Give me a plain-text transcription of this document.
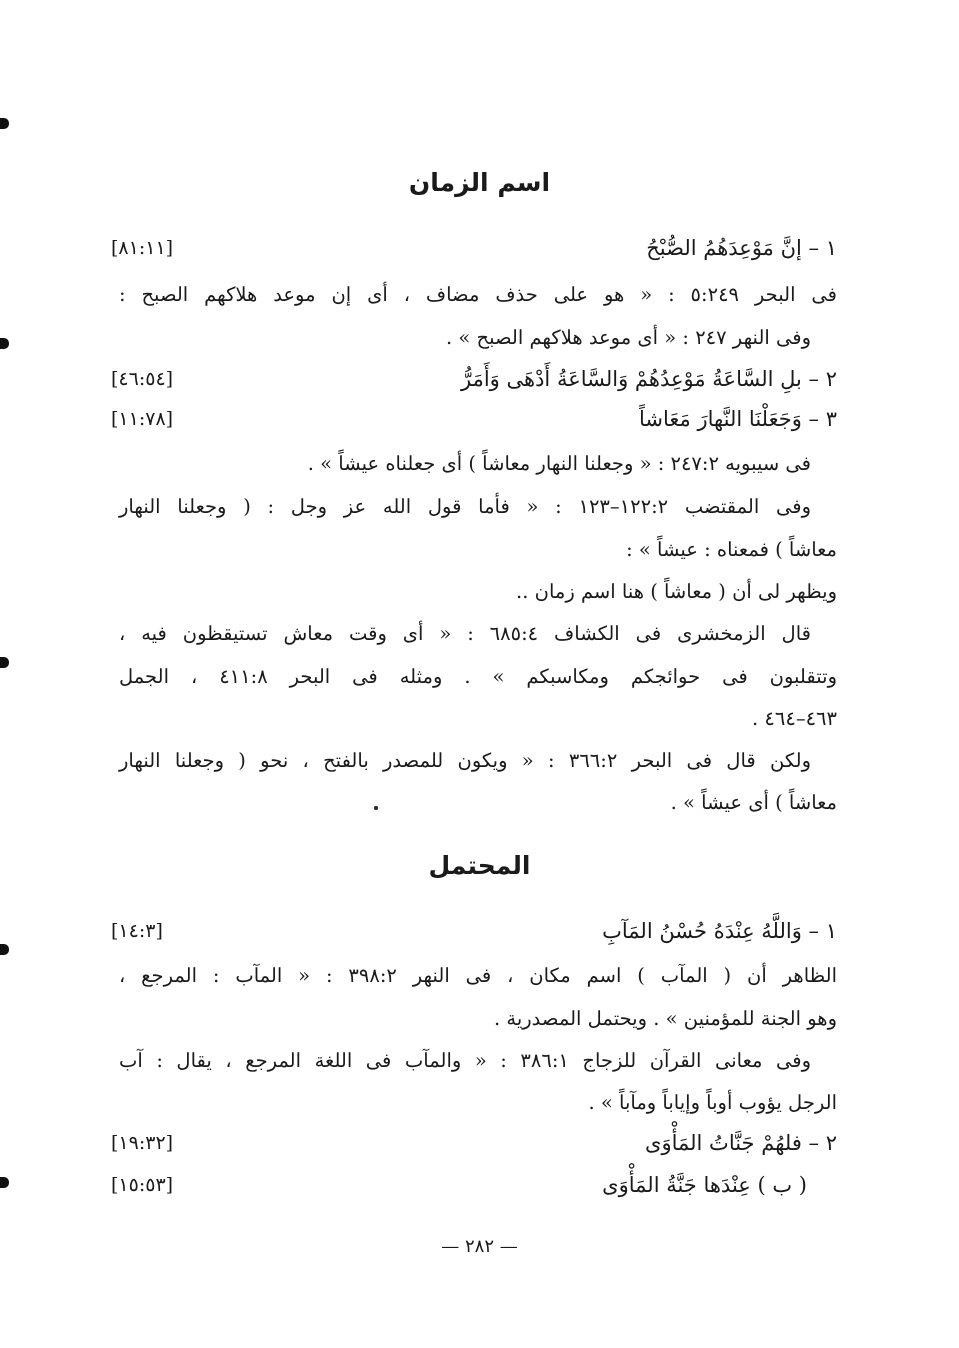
اسم الزمان
١ – إنَّ مَوْعِدَهُمُ الصُّبْحُ
[٨١:١١]
فى البحر ٥:٢٤٩ : « هو على حذف مضاف ، أى إن موعد هلاكهم الصبح :
وفى النهر ٢٤٧ : « أى موعد هلاكهم الصبح » .
٢ – بلِ السَّاعَةُ مَوْعِدُهُمْ وَالسَّاعَةُ أَدْهَى وَأَمَرُّ
[٤٦:٥٤]
٣ – وَجَعَلْنَا النَّهارَ مَعَاشاً
[١١:٧٨]
فى سيبويه ٢٤٧:٢ : « وجعلنا النهار معاشاً ) أى جعلناه عيشاً » .
وفى المقتضب ١٢٢:٢–١٢٣ : « فأما قول الله عز وجل : ( وجعلنا النهار
معاشاً ) فمعناه : عيشاً » :
ويظهر لى أن ( معاشاً ) هنا اسم زمان ..
قال الزمخشرى فى الكشاف ٦٨٥:٤ : « أى وقت معاش تستيقظون فيه ،
وتتقلبون فى حوائجكم ومكاسبكم » . ومثله فى البحر ٤١١:٨ ، الجمل
٤٦٣–٤٦٤ .
ولكن قال فى البحر ٣٦٦:٢ : « ويكون للمصدر بالفتح ، نحو ( وجعلنا النهار
معاشاً ) أى عيشاً » .
المحتمل
١ – وَاللَّهُ عِنْدَهُ حُسْنُ المَآبِ
[١٤:٣]
الظاهر أن ( المآب ) اسم مكان ، فى النهر ٣٩٨:٢ : « المآب : المرجع ،
وهو الجنة للمؤمنين » . ويحتمل المصدرية .
وفى معانى القرآن للزجاج ٣٨٦:١ : « والمآب فى اللغة المرجع ، يقال : آب
الرجل يؤوب أوباً وإياباً ومآباً » .
٢ – فلهُمْ جَنَّاتُ المَأْوَى
[١٩:٣٢]
( ب ) عِنْدَها جَنَّةُ المَأْوَى
[١٥:٥٣]
— ٢٨٢ —
